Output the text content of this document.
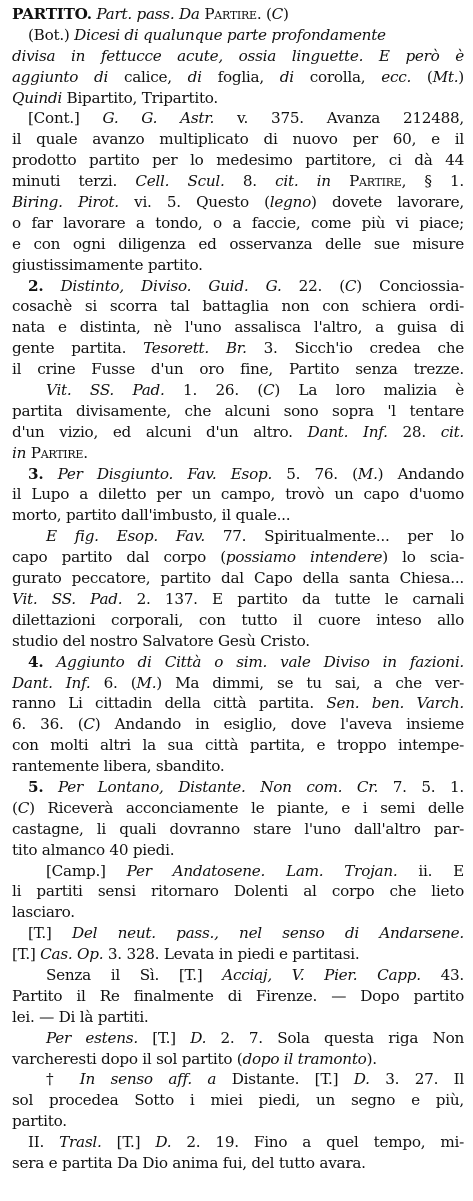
PARTITO. Part. pass. Da Partire. (C)
(Bot.) Dicesi di qualunque parte profondamente
divisa in fettucce acute, ossia linguette. E però è
aggiunto di calice, di foglia, di corolla, ecc. (Mt.)
Quindi Bipartito, Tripartito.
[Cont.] G. G. Astr. v. 375. Avanza 212488,
il quale avanzo multiplicato di nuovo per 60, e il
prodotto partito per lo medesimo partitore, ci dà 44
minuti terzi. Cell. Scul. 8. cit. in Partire, § 1.
Biring. Pirot. vi. 5. Questo (legno) dovete lavorare,
o far lavorare a tondo, o a faccie, come più vi piace;
e con ogni diligenza ed osservanza delle sue misure
giustissimamente partito.
2. Distinto, Diviso. Guid. G. 22. (C) Conciossia-
cosachè si scorra tal battaglia non con schiera ordi-
nata e distinta, nè l'uno assalisca l'altro, a guisa di
gente partita. Tesorett. Br. 3. Sicch'io credea che
il crine Fusse d'un oro fine, Partito senza trezze.
Vit. SS. Pad. 1. 26. (C) La loro malizia è
partita divisamente, che alcuni sono sopra 'l tentare
d'un vizio, ed alcuni d'un altro. Dant. Inf. 28. cit.
in Partire.
3. Per Disgiunto. Fav. Esop. 5. 76. (M.) Andando
il Lupo a diletto per un campo, trovò un capo d'uomo
morto, partito dall'imbusto, il quale...
E fig. Esop. Fav. 77. Spiritualmente... per lo
capo partito dal corpo (possiamo intendere) lo scia-
gurato peccatore, partito dal Capo della santa Chiesa...
Vit. SS. Pad. 2. 137. E partito da tutte le carnali
dilettazioni corporali, con tutto il cuore inteso allo
studio del nostro Salvatore Gesù Cristo.
4. Aggiunto di Città o sim. vale Diviso in fazioni.
Dant. Inf. 6. (M.) Ma dimmi, se tu sai, a che ver-
ranno Li cittadin della città partita. Sen. ben. Varch.
6. 36. (C) Andando in esiglio, dove l'aveva insieme
con molti altri la sua città partita, e troppo intempe-
rantemente libera, sbandito.
5. Per Lontano, Distante. Non com. Cr. 7. 5. 1.
(C) Riceverà acconciamente le piante, e i semi delle
castagne, li quali dovranno stare l'uno dall'altro par-
tito almanco 40 piedi.
[Camp.] Per Andatosene. Lam. Trojan. ii. E
li partiti sensi ritornaro Dolenti al corpo che lieto
lasciaro.
[T.] Del neut. pass., nel senso di Andarsene.
[T.] Cas. Op. 3. 328. Levata in piedi e partitasi.
Senza il Sì. [T.] Acciaj, V. Pier. Capp. 43.
Partito il Re finalmente di Firenze. — Dopo partito
lei. — Di là partiti.
Per estens. [T.] D. 2. 7. Sola questa riga Non
varcheresti dopo il sol partito (dopo il tramonto).
† In senso aff. a Distante. [T.] D. 3. 27. Il
sol procedea Sotto i miei piedi, un segno e più,
partito.
II. Trasl. [T.] D. 2. 19. Fino a quel tempo, mi-
sera e partita Da Dio anima fui, del tutto avara.
